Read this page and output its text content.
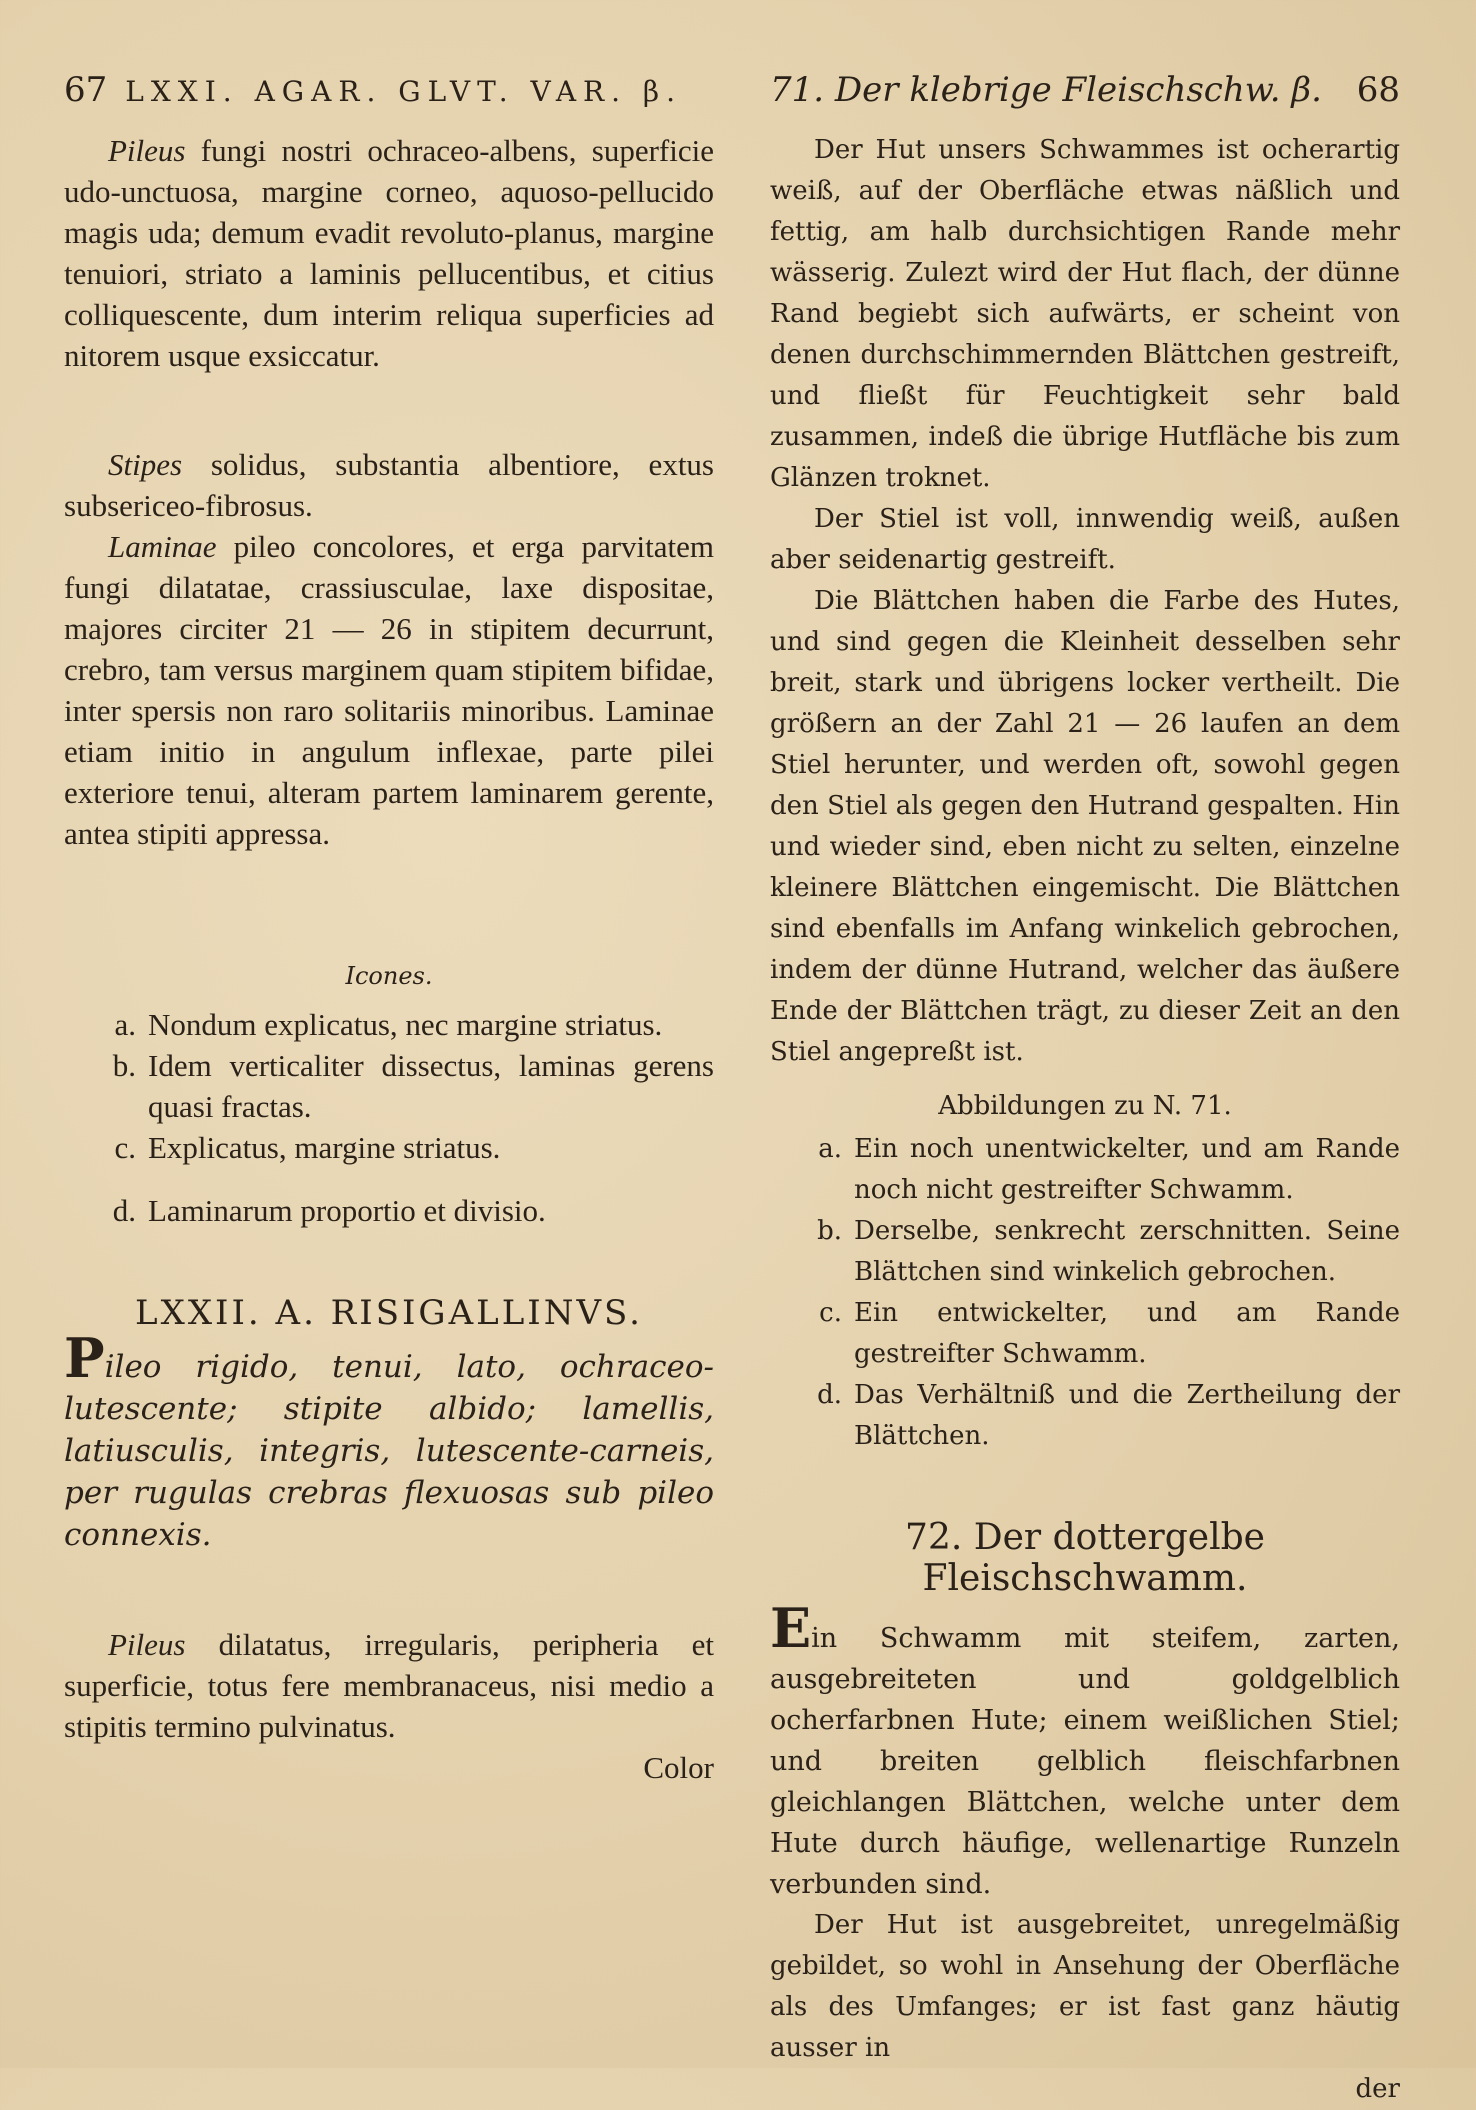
67 LXXI. AGAR. GLVT. VAR. β.

Pileus fungi nostri ochraceo-albens, superficie udo-unctuosa, margine corneo, aquoso-pellucido magis uda; demum evadit revoluto-planus, margine tenuiori, striato a laminis pellucentibus, et citius colliquescente, dum interim reliqua superficies ad nitorem usque exsiccatur.

Stipes solidus, substantia albentiore, extus subsericeo-fibrosus.

Laminae pileo concolores, et erga parvitatem fungi dilatatae, crassiusculae, laxe dispositae, majores circiter 21 — 26 in stipitem decurrunt, crebro, tam versus marginem quam stipitem bifidae, inter spersis non raro solitariis minoribus. Laminae etiam initio in angulum inflexae, parte pilei exteriore tenui, alteram partem laminarem gerente, antea stipiti appressa.

Icones.
a. Nondum explicatus, nec margine striatus.
b. Idem verticaliter dissectus, laminas gerens quasi fractas.
c. Explicatus, margine striatus.
d. Laminarum proportio et divisio.
LXXII. A. RISIGALLINVS.

Pileo rigido, tenui, lato, ochraceo-lutescente; stipite albido; lamellis, latiusculis, integris, lutescente-carneis, per rugulas crebras flexuosas sub pileo connexis.

Pileus dilatatus, irregularis, peripheria et superficie, totus fere membranaceus, nisi medio a stipitis termino pulvinatus.

Color

71. Der klebrige Fleischschw. β.	68

Der Hut unsers Schwammes ist ocherartig weiß, auf der Oberfläche etwas näßlich und fettig, am halb durchsichtigen Rande mehr wässerig. Zulezt wird der Hut flach, der dünne Rand begiebt sich aufwärts, er scheint von denen durchschimmernden Blättchen gestreift, und fließt für Feuchtigkeit sehr bald zusammen, indeß die übrige Hutfläche bis zum Glänzen troknet.

Der Stiel ist voll, innwendig weiß, außen aber seidenartig gestreift.

Die Blättchen haben die Farbe des Hutes, und sind gegen die Kleinheit desselben sehr breit, stark und übrigens locker vertheilt. Die größern an der Zahl 21 — 26 laufen an dem Stiel herunter, und werden oft, sowohl gegen den Stiel als gegen den Hutrand gespalten. Hin und wieder sind, eben nicht zu selten, einzelne kleinere Blättchen eingemischt. Die Blättchen sind ebenfalls im Anfang winkelich gebrochen, indem der dünne Hutrand, welcher das äußere Ende der Blättchen trägt, zu dieser Zeit an den Stiel angepreßt ist.

Abbildungen zu N. 71.
a. Ein noch unentwickelter, und am Rande noch nicht gestreifter Schwamm.
b. Derselbe, senkrecht zerschnitten. Seine Blättchen sind winkelich gebrochen.
c. Ein entwickelter, und am Rande gestreifter Schwamm.
d. Das Verhältniß und die Zertheilung der Blättchen.
72. Der dottergelbe Fleischschwamm.

Ein Schwamm mit steifem, zarten, ausgebreiteten und goldgelblich ocherfarbnen Hute; einem weißlichen Stiel; und breiten gelblich fleischfarbnen gleichlangen Blättchen, welche unter dem Hute durch häufige, wellenartige Runzeln verbunden sind.

Der Hut ist ausgebreitet, unregelmäßig gebildet, so wohl in Ansehung der Oberfläche als des Umfanges; er ist fast ganz häutig ausser in

der
